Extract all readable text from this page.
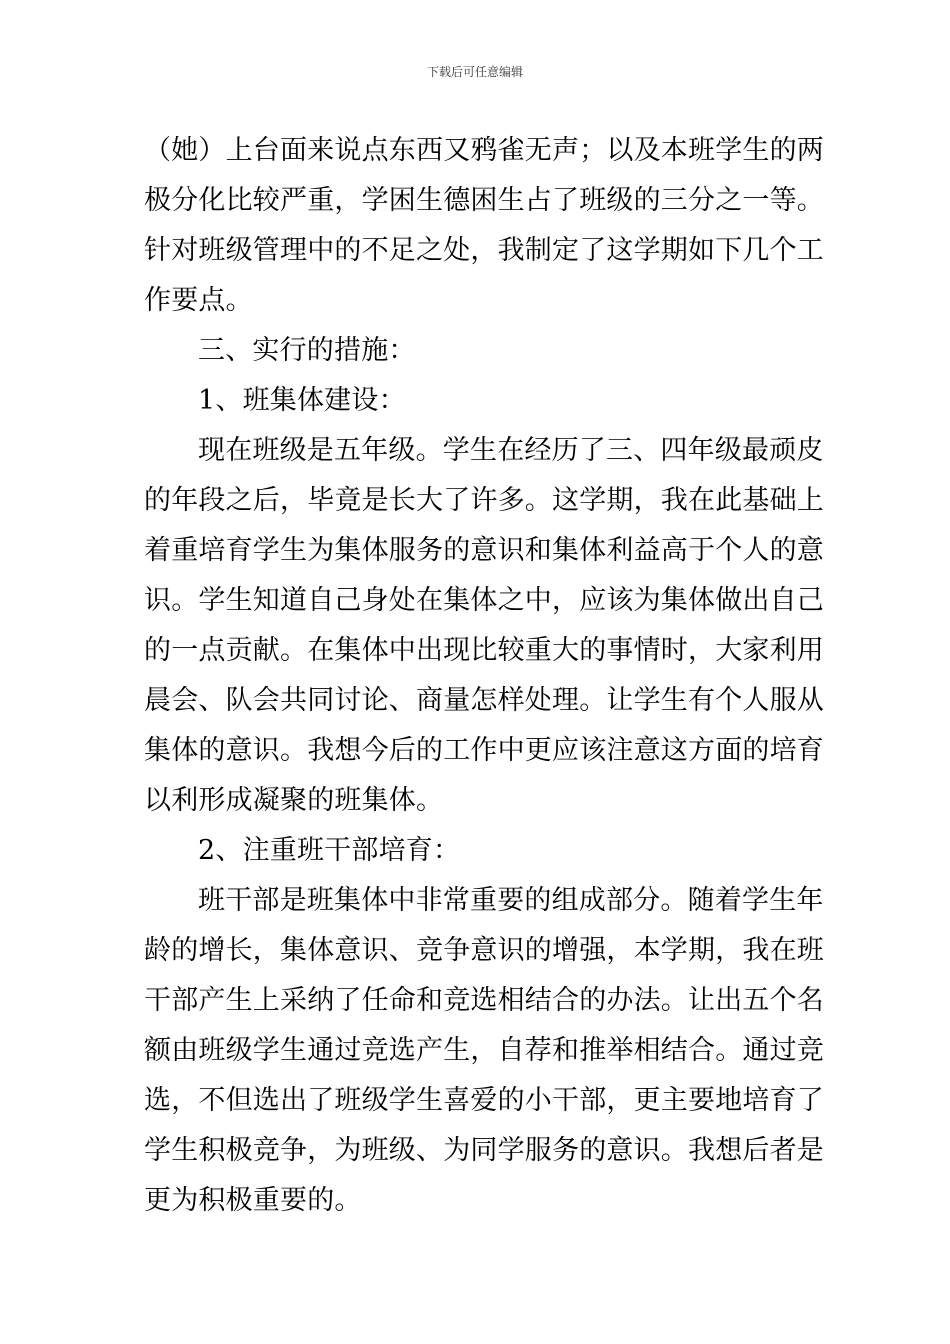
下载后可任意编辑
（她）上台面来说点东西又鸦雀无声；以及本班学生的两
极分化比较严重，学困生德困生占了班级的三分之一等。
针对班级管理中的不足之处，我制定了这学期如下几个工
作要点。
三、实行的措施：
1、班集体建设：
现在班级是五年级。学生在经历了三、四年级最顽皮
的年段之后，毕竟是长大了许多。这学期，我在此基础上
着重培育学生为集体服务的意识和集体利益高于个人的意
识。学生知道自己身处在集体之中，应该为集体做出自己
的一点贡献。在集体中出现比较重大的事情时，大家利用
晨会、队会共同讨论、商量怎样处理。让学生有个人服从
集体的意识。我想今后的工作中更应该注意这方面的培育
以利形成凝聚的班集体。
2、注重班干部培育：
班干部是班集体中非常重要的组成部分。随着学生年
龄的增长，集体意识、竞争意识的增强，本学期，我在班
干部产生上采纳了任命和竞选相结合的办法。让出五个名
额由班级学生通过竞选产生，自荐和推举相结合。通过竞
选，不但选出了班级学生喜爱的小干部，更主要地培育了
学生积极竞争，为班级、为同学服务的意识。我想后者是
更为积极重要的。
